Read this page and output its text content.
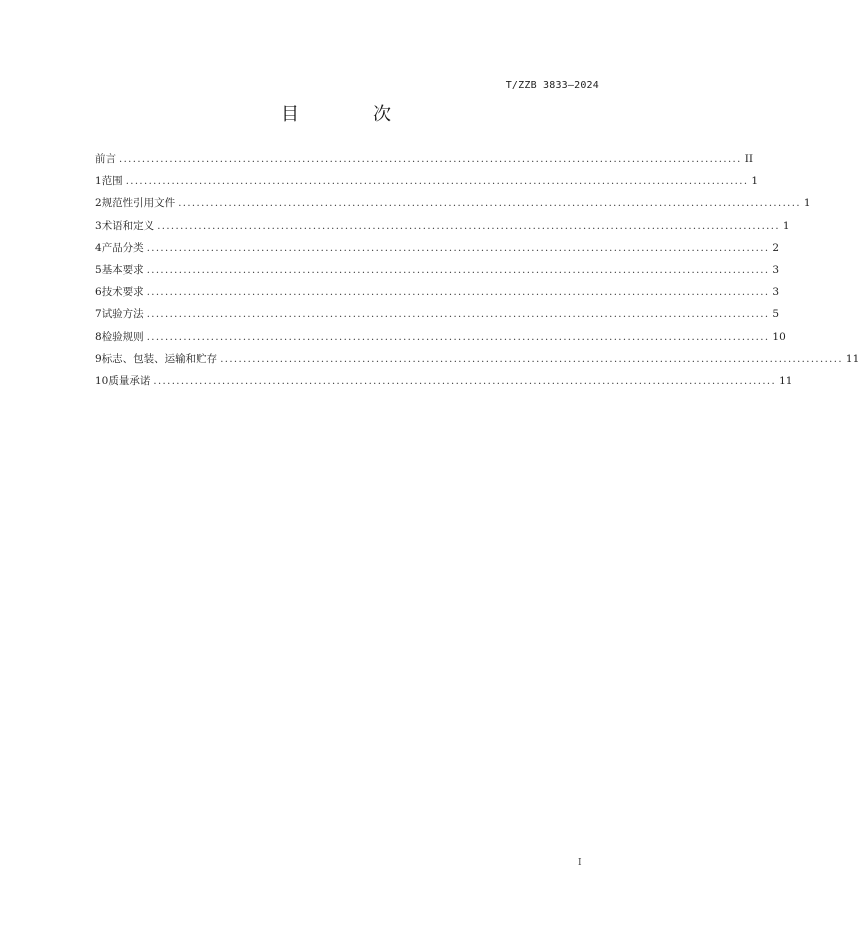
T/ZZB 3833—2024
目　次
前言 ........................................................................................................................................ II
1 范围 ........................................................................................................................................ 1
2 规范性引用文件 ........................................................................................................................................ 1
3 术语和定义 ........................................................................................................................................ 1
4 产品分类 ........................................................................................................................................ 2
5 基本要求 ........................................................................................................................................ 3
6 技术要求 ........................................................................................................................................ 3
7 试验方法 ........................................................................................................................................ 5
8 检验规则 ........................................................................................................................................ 10
9 标志、包装、运输和贮存 ........................................................................................................................................ 11
10 质量承诺 ........................................................................................................................................ 11
I
